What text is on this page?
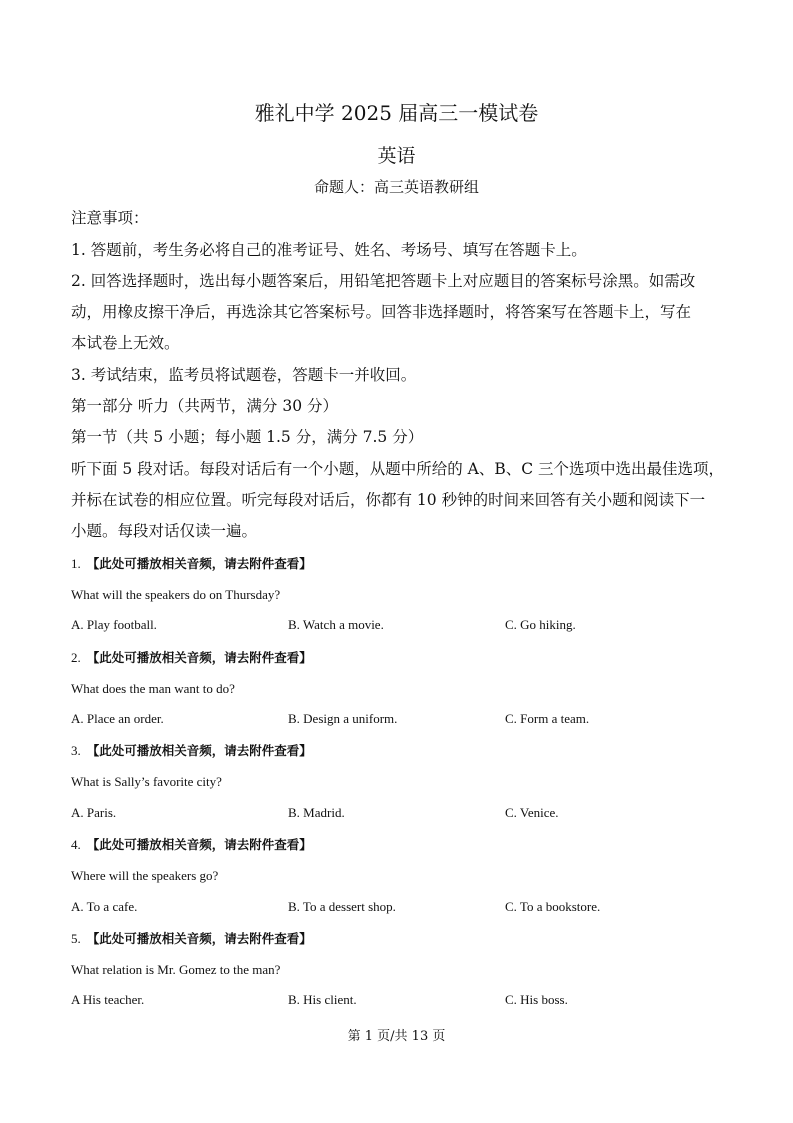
雅礼中学 2025 届高三一模试卷
英语
命题人：高三英语教研组
注意事项：
1. 答题前，考生务必将自己的准考证号、姓名、考场号、填写在答题卡上。
2. 回答选择题时，选出每小题答案后，用铅笔把答题卡上对应题目的答案标号涂黑。如需改
动，用橡皮擦干净后，再选涂其它答案标号。回答非选择题时，将答案写在答题卡上，写在
本试卷上无效。
3. 考试结束，监考员将试题卷，答题卡一并收回。
第一部分 听力（共两节，满分 30 分）
第一节（共 5 小题；每小题 1.5 分，满分 7.5 分）
听下面 5 段对话。每段对话后有一个小题，从题中所给的 A、B、C 三个选项中选出最佳选项，
并标在试卷的相应位置。听完每段对话后，你都有 10 秒钟的时间来回答有关小题和阅读下一
小题。每段对话仅读一遍。
1. 【此处可播放相关音频，请去附件查看】
What will the speakers do on Thursday?
A. Play football.	B. Watch a movie.	C. Go hiking.
2. 【此处可播放相关音频，请去附件查看】
What does the man want to do?
A. Place an order.	B. Design a uniform.	C. Form a team.
3. 【此处可播放相关音频，请去附件查看】
What is Sally’s favorite city?
A. Paris.	B. Madrid.	C. Venice.
4. 【此处可播放相关音频，请去附件查看】
Where will the speakers go?
A. To a cafe.	B. To a dessert shop.	C. To a bookstore.
5. 【此处可播放相关音频，请去附件查看】
What relation is Mr. Gomez to the man?
A His teacher.	B. His client.	C. His boss.
第 1 页/共 13 页
